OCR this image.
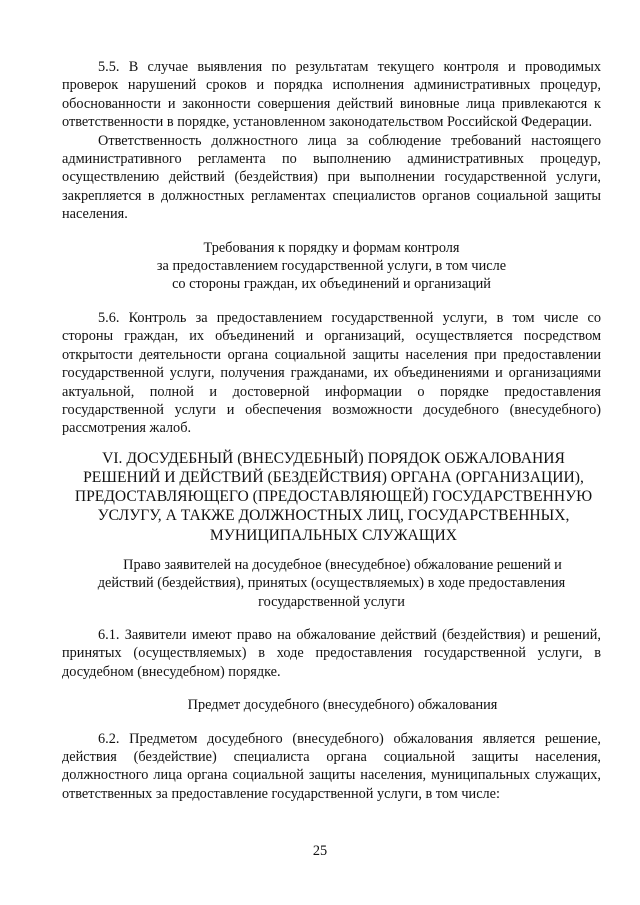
5.5. В случае выявления по результатам текущего контроля и проводимых проверок нарушений сроков и порядка исполнения административных процедур, обоснованности и законности совершения действий виновные лица привлекаются к ответственности в порядке, установленном законодательством Российской Федерации.

Ответственность должностного лица за соблюдение требований настоящего административного регламента по выполнению административных процедур, осуществлению действий (бездействия) при выполнении государственной услуги, закрепляется в должностных регламентах специалистов органов социальной защиты населения.

Требования к порядку и формам контроля
за предоставлением государственной услуги, в том числе
со стороны граждан, их объединений и организаций

5.6. Контроль за предоставлением государственной услуги, в том числе со стороны граждан, их объединений и организаций, осуществляется посредством открытости деятельности органа социальной защиты населения при предоставлении государственной услуги, получения гражданами, их объединениями и организациями актуальной, полной и достоверной информации о порядке предоставления государственной услуги и обеспечения возможности досудебного (внесудебного) рассмотрения жалоб.

VI. ДОСУДЕБНЫЙ (ВНЕСУДЕБНЫЙ) ПОРЯДОК ОБЖАЛОВАНИЯ
РЕШЕНИЙ И ДЕЙСТВИЙ (БЕЗДЕЙСТВИЯ) ОРГАНА (ОРГАНИЗАЦИИ),
ПРЕДОСТАВЛЯЮЩЕГО (ПРЕДОСТАВЛЯЮЩЕЙ) ГОСУДАРСТВЕННУЮ
УСЛУГУ, А ТАКЖЕ ДОЛЖНОСТНЫХ ЛИЦ, ГОСУДАРСТВЕННЫХ,
МУНИЦИПАЛЬНЫХ СЛУЖАЩИХ
Право заявителей на досудебное (внесудебное) обжалование решений и
действий (бездействия), принятых (осуществляемых) в ходе предоставления
государственной услуги

6.1. Заявители имеют право на обжалование действий (бездействия) и решений, принятых (осуществляемых) в ходе предоставления государственной услуги, в досудебном (внесудебном) порядке.

Предмет досудебного (внесудебного) обжалования

6.2. Предметом досудебного (внесудебного) обжалования является решение, действия (бездействие) специалиста органа социальной защиты населения, должностного лица органа социальной защиты населения, муниципальных служащих, ответственных за предоставление государственной услуги, в том числе:

25
